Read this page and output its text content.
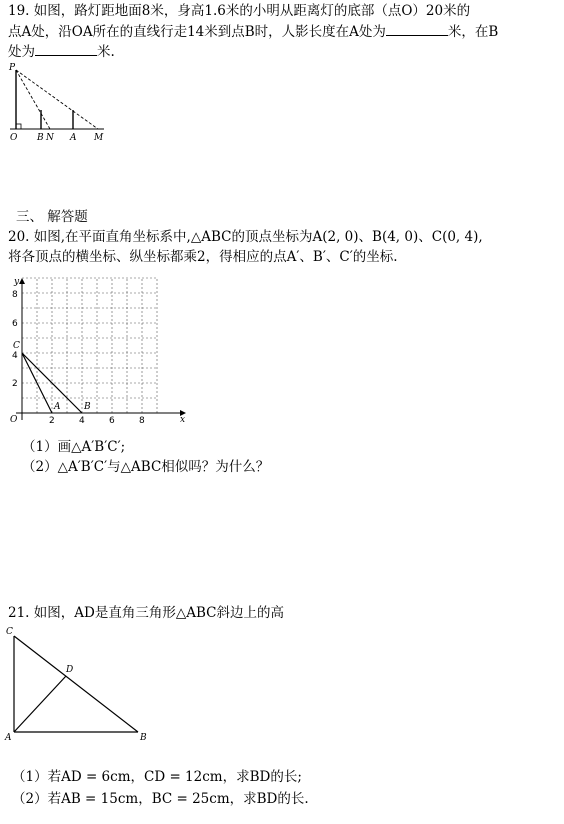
19. 如图，路灯距地面8米，身高1.6米的小明从距离灯的底部（点O）20米的
点A处，沿OA所在的直线行走14米到点B时，人影长度在A处为	米，在B
处为	米.
P
O B N A M
三、 解答题
20. 如图,在平面直角坐标系中,△ABC的顶点坐标为A(2, 0)、B(4, 0)、C(0, 4),
将各顶点的横坐标、纵坐标都乘2，得相应的点A′、B′、C′的坐标.
y
x
O	2	4	6	8
2
4
6
8
C
A	B
（1）画△A′B′C′;
（2）△A′B′C′与△ABC相似吗？为什么？
21. 如图，AD是直角三角形△ABC斜边上的高
C
D
A	B
（1）若AD = 6cm，CD = 12cm，求BD的长;
（2）若AB = 15cm，BC = 25cm，求BD的长.
